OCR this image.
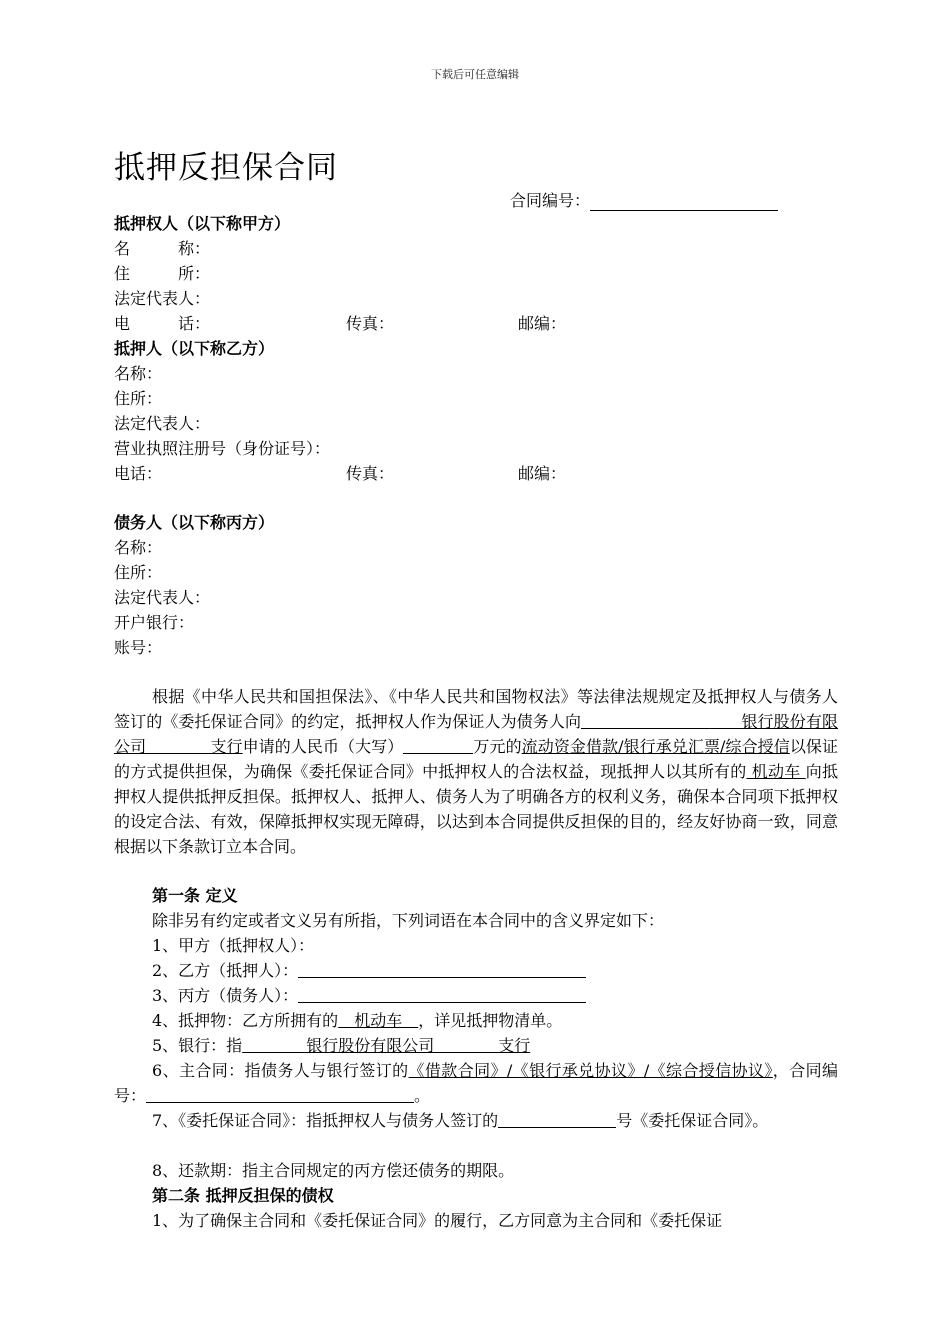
下载后可任意编辑
抵押反担保合同
合同编号：
抵押权人（以下称甲方）
名　　　称：
住　　　所：
法定代表人：
电　　　话：	传真：	邮编：
抵押人（以下称乙方）
名称：
住所：
法定代表人：
营业执照注册号（身份证号）：
电话：	传真：	邮编：
债务人（以下称丙方）
名称：
住所：
法定代表人：
开户银行：
账号：
根据《中华人民共和国担保法》、《中华人民共和国物权法》等法律法规规定及抵押权人与债务人签订的《委托保证合同》的约定，抵押权人作为保证人为债务人向	　　银行股份有限公司　　　　支行申请的人民币（大写）	万元的流动资金借款/银行承兑汇票/综合授信以保证的方式提供担保，为确保《委托保证合同》中抵押权人的合法权益，现抵押人以其所有的 机动车 向抵押权人提供抵押反担保。抵押权人、抵押人、债务人为了明确各方的权利义务，确保本合同项下抵押权的设定合法、有效，保障抵押权实现无障碍，以达到本合同提供反担保的目的，经友好协商一致，同意根据以下条款订立本合同。
第一条 定义
除非另有约定或者文义另有所指，下列词语在本合同中的含义界定如下：
1、甲方（抵押权人）：
2、乙方（抵押人）：
3、丙方（债务人）：
4、抵押物：乙方所拥有的　机动车　，详见抵押物清单。
5、银行：指　　　　银行股份有限公司　　　　支行
6、主合同：指债务人与银行签订的《借款合同》/《银行承兑协议》/《综合授信协议》，合同编号：	。
7、《委托保证合同》：指抵押权人与债务人签订的	号《委托保证合同》。
8、还款期：指主合同规定的丙方偿还债务的期限。
第二条 抵押反担保的债权
1、为了确保主合同和《委托保证合同》的履行，乙方同意为主合同和《委托保证
